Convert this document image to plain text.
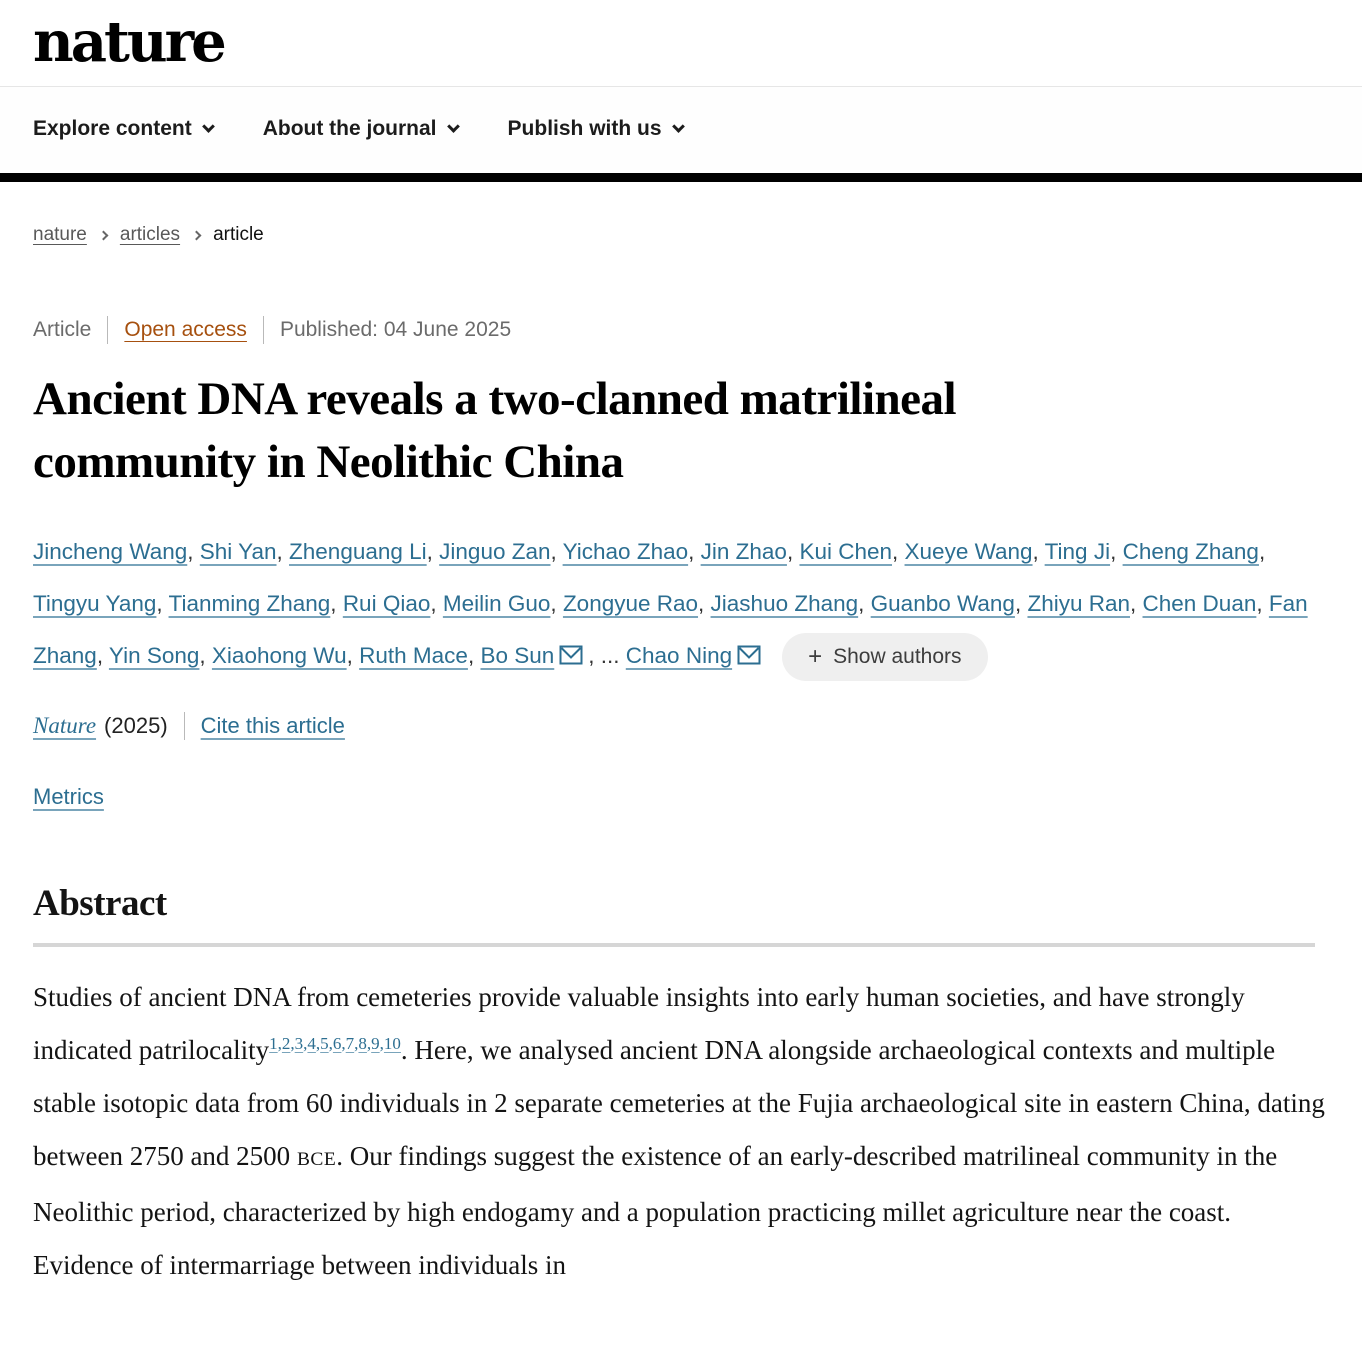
nature
Explore content	About the journal	Publish with us
nature articles article
Article Open access Published: 04 June 2025
Ancient DNA reveals a two-clanned matrilineal community in Neolithic China

Jincheng Wang, Shi Yan, Zhenguang Li, Jinguo Zan, Yichao Zhao, Jin Zhao, Kui Chen, Xueye Wang, Ting Ji, Cheng Zhang, Tingyu Yang, Tianming Zhang, Rui Qiao, Meilin Guo, Zongyue Rao, Jiashuo Zhang, Guanbo Wang, Zhiyu Ran, Chen Duan, Fan Zhang, Yin Song, Xiaohong Wu, Ruth Mace, Bo Sun , ... Chao Ning	+ Show authors

Nature (2025) Cite this article
Metrics
Abstract

Studies of ancient DNA from cemeteries provide valuable insights into early human societies, and have strongly indicated patrilocality$^{1,2,3,4,5,6,7,8,9,10}$. Here, we analysed ancient DNA alongside archaeological contexts and multiple stable isotopic data from 60 individuals in 2 separate cemeteries at the Fujia archaeological site in eastern China, dating between 2750 and 2500 BCE. Our findings suggest the existence of an early-described matrilineal community in the Neolithic period, characterized by high endogamy and a population practicing millet agriculture near the coast. Evidence of intermarriage between individuals in
